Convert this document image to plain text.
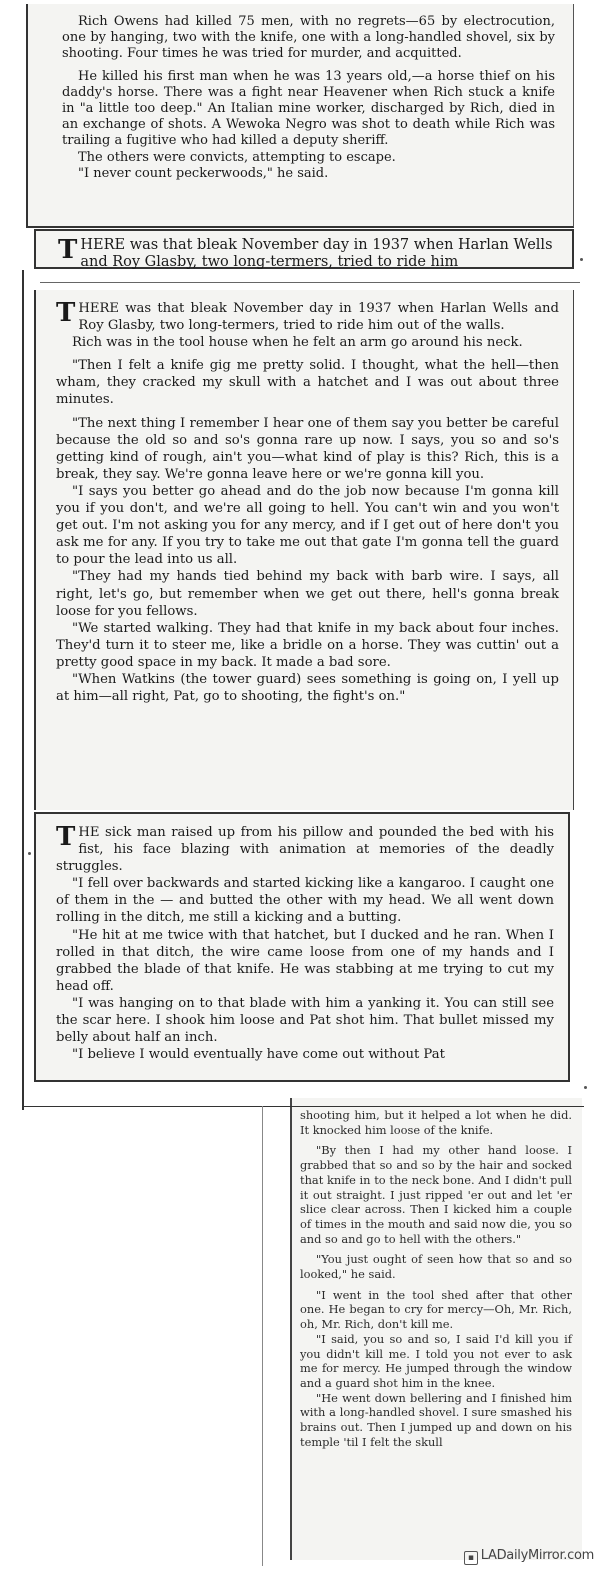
Rich Owens had killed 75 men, with no regrets—65 by electrocution, one by hanging, two with the knife, one with a long-handled shovel, six by shooting. Four times he was tried for murder, and acquitted.

He killed his first man when he was 13 years old,—a horse thief on his daddy's horse. There was a fight near Heavener when Rich stuck a knife in "a little too deep." An Italian mine worker, discharged by Rich, died in an exchange of shots. A Wewoka Negro was shot to death while Rich was trailing a fugitive who had killed a deputy sheriff.

The others were convicts, attempting to escape.

"I never count peckerwoods," he said.

THERE was that bleak November day in 1937 when Harlan Wells and Roy Glasby, two long-termers, tried to ride him

THERE was that bleak November day in 1937 when Harlan Wells and Roy Glasby, two long-termers, tried to ride him out of the walls.

Rich was in the tool house when he felt an arm go around his neck.

"Then I felt a knife gig me pretty solid. I thought, what the hell—then wham, they cracked my skull with a hatchet and I was out about three minutes.

"The next thing I remember I hear one of them say you better be careful because the old so and so's gonna rare up now. I says, you so and so's getting kind of rough, ain't you—what kind of play is this? Rich, this is a break, they say. We're gonna leave here or we're gonna kill you.

"I says you better go ahead and do the job now because I'm gonna kill you if you don't, and we're all going to hell. You can't win and you won't get out. I'm not asking you for any mercy, and if I get out of here don't you ask me for any. If you try to take me out that gate I'm gonna tell the guard to pour the lead into us all.

"They had my hands tied behind my back with barb wire. I says, all right, let's go, but remember when we get out there, hell's gonna break loose for you fellows.

"We started walking. They had that knife in my back about four inches. They'd turn it to steer me, like a bridle on a horse. They was cuttin' out a pretty good space in my back. It made a bad sore.

"When Watkins (the tower guard) sees something is going on, I yell up at him—all right, Pat, go to shooting, the fight's on."

THE sick man raised up from his pillow and pounded the bed with his fist, his face blazing with animation at memories of the deadly struggles.

"I fell over backwards and started kicking like a kangaroo. I caught one of them in the — and butted the other with my head. We all went down rolling in the ditch, me still a kicking and a butting.

"He hit at me twice with that hatchet, but I ducked and he ran. When I rolled in that ditch, the wire came loose from one of my hands and I grabbed the blade of that knife. He was stabbing at me trying to cut my head off.

"I was hanging on to that blade with him a yanking it. You can still see the scar here. I shook him loose and Pat shot him. That bullet missed my belly about half an inch.

"I believe I would eventually have come out without Pat

shooting him, but it helped a lot when he did. It knocked him loose of the knife.

"By then I had my other hand loose. I grabbed that so and so by the hair and socked that knife in to the neck bone. And I didn't pull it out straight. I just ripped 'er out and let 'er slice clear across. Then I kicked him a couple of times in the mouth and said now die, you so and so and go to hell with the others."

"You just ought of seen how that so and so looked," he said.

"I went in the tool shed after that other one. He began to cry for mercy—Oh, Mr. Rich, oh, Mr. Rich, don't kill me.

"I said, you so and so, I said I'd kill you if you didn't kill me. I told you not ever to ask me for mercy. He jumped through the window and a guard shot him in the knee.

"He went down bellering and I finished him with a long-handled shovel. I sure smashed his brains out. Then I jumped up and down on his temple 'til I felt the skull

▪ LADailyMirror.com
